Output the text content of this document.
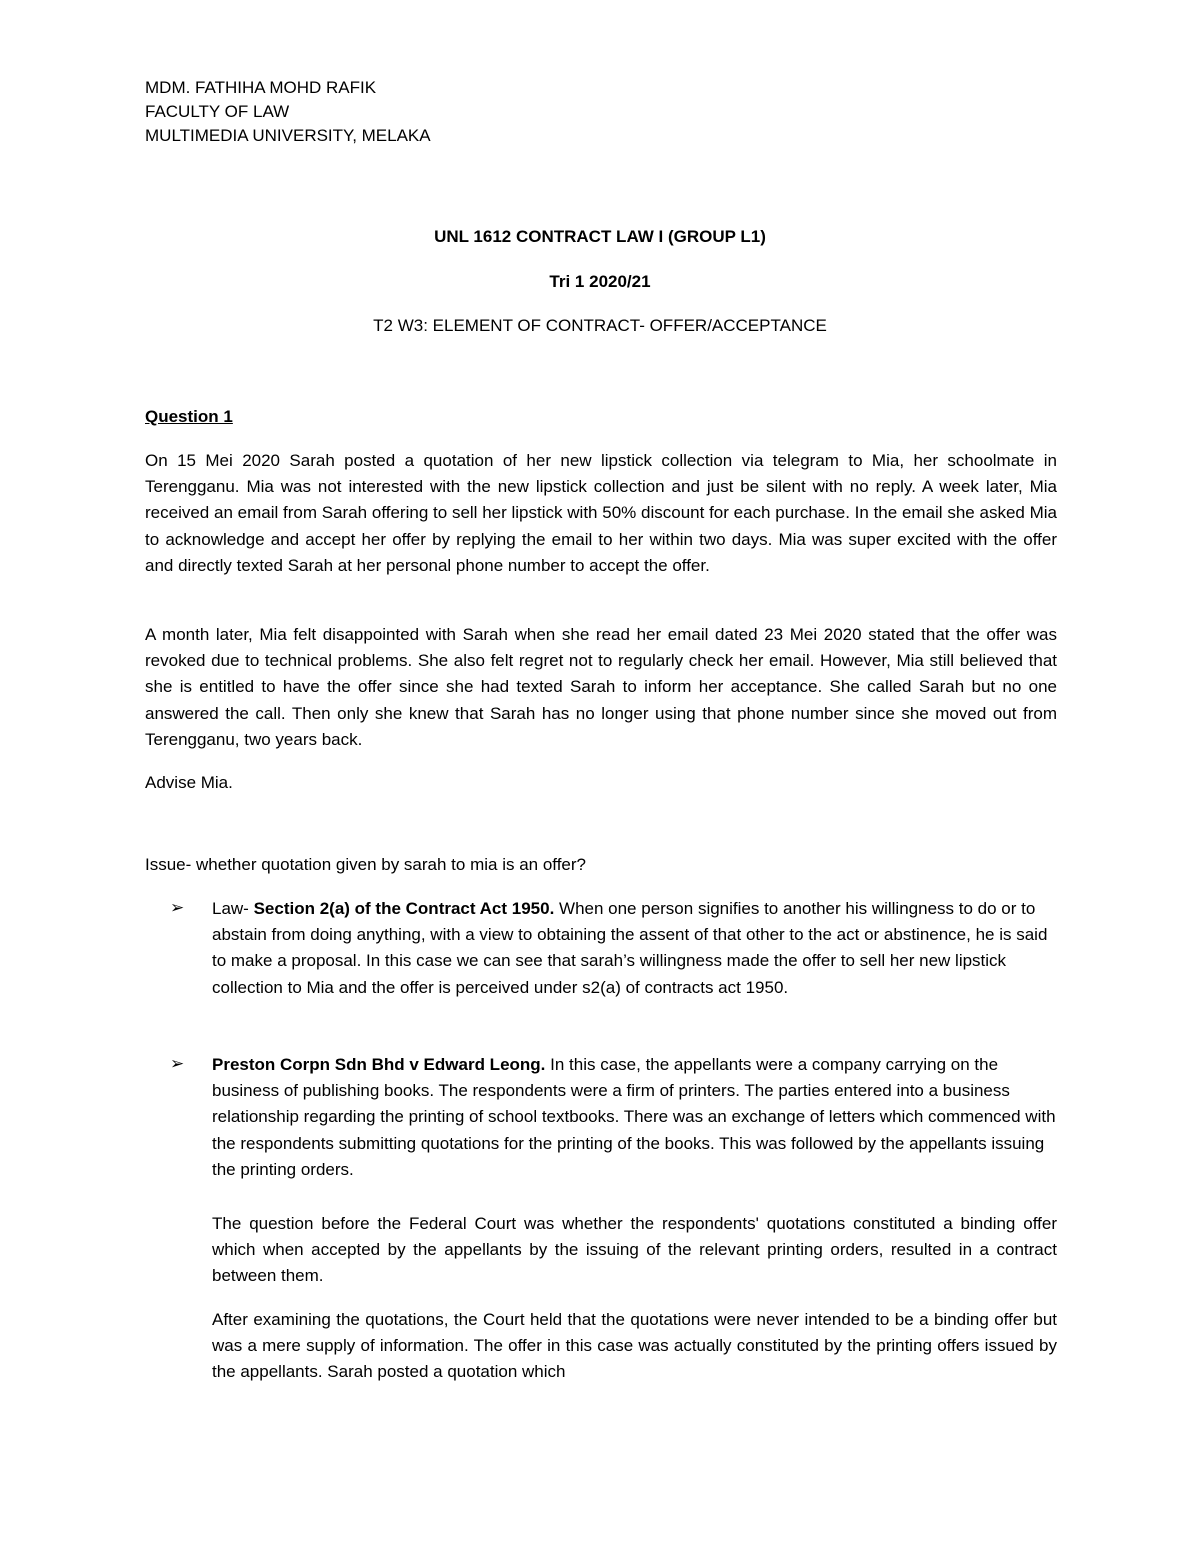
MDM. FATHIHA MOHD RAFIK
FACULTY OF LAW
MULTIMEDIA UNIVERSITY, MELAKA
UNL 1612 CONTRACT LAW I (GROUP L1)
Tri 1 2020/21
T2 W3: ELEMENT OF CONTRACT- OFFER/ACCEPTANCE
Question 1
On 15 Mei 2020 Sarah posted a quotation of her new lipstick collection via telegram to Mia, her schoolmate in Terengganu. Mia was not interested with the new lipstick collection and just be silent with no reply. A week later, Mia received an email from Sarah offering to sell her lipstick with 50% discount for each purchase. In the email she asked Mia to acknowledge and accept her offer by replying the email to her within two days. Mia was super excited with the offer and directly texted Sarah at her personal phone number to accept the offer.
A month later, Mia felt disappointed with Sarah when she read her email dated 23 Mei 2020 stated that the offer was revoked due to technical problems. She also felt regret not to regularly check her email. However, Mia still believed that she is entitled to have the offer since she had texted Sarah to inform her acceptance. She called Sarah but no one answered the call. Then only she knew that Sarah has no longer using that phone number since she moved out from Terengganu, two years back.
Advise Mia.
Issue- whether quotation given by sarah to mia is an offer?
➢ Law- Section 2(a) of the Contract Act 1950. When one person signifies to another his willingness to do or to abstain from doing anything, with a view to obtaining the assent of that other to the act or abstinence, he is said to make a proposal. In this case we can see that sarah’s willingness made the offer to sell her new lipstick collection to Mia and the offer is perceived under s2(a) of contracts act 1950.
➢ Preston Corpn Sdn Bhd v Edward Leong. In this case, the appellants were a company carrying on the business of publishing books. The respondents were a firm of printers. The parties entered into a business relationship regarding the printing of school textbooks. There was an exchange of letters which commenced with the respondents submitting quotations for the printing of the books. This was followed by the appellants issuing the printing orders.
The question before the Federal Court was whether the respondents' quotations constituted a binding offer which when accepted by the appellants by the issuing of the relevant printing orders, resulted in a contract between them.
After examining the quotations, the Court held that the quotations were never intended to be a binding offer but was a mere supply of information. The offer in this case was actually constituted by the printing offers issued by the appellants. Sarah posted a quotation which
